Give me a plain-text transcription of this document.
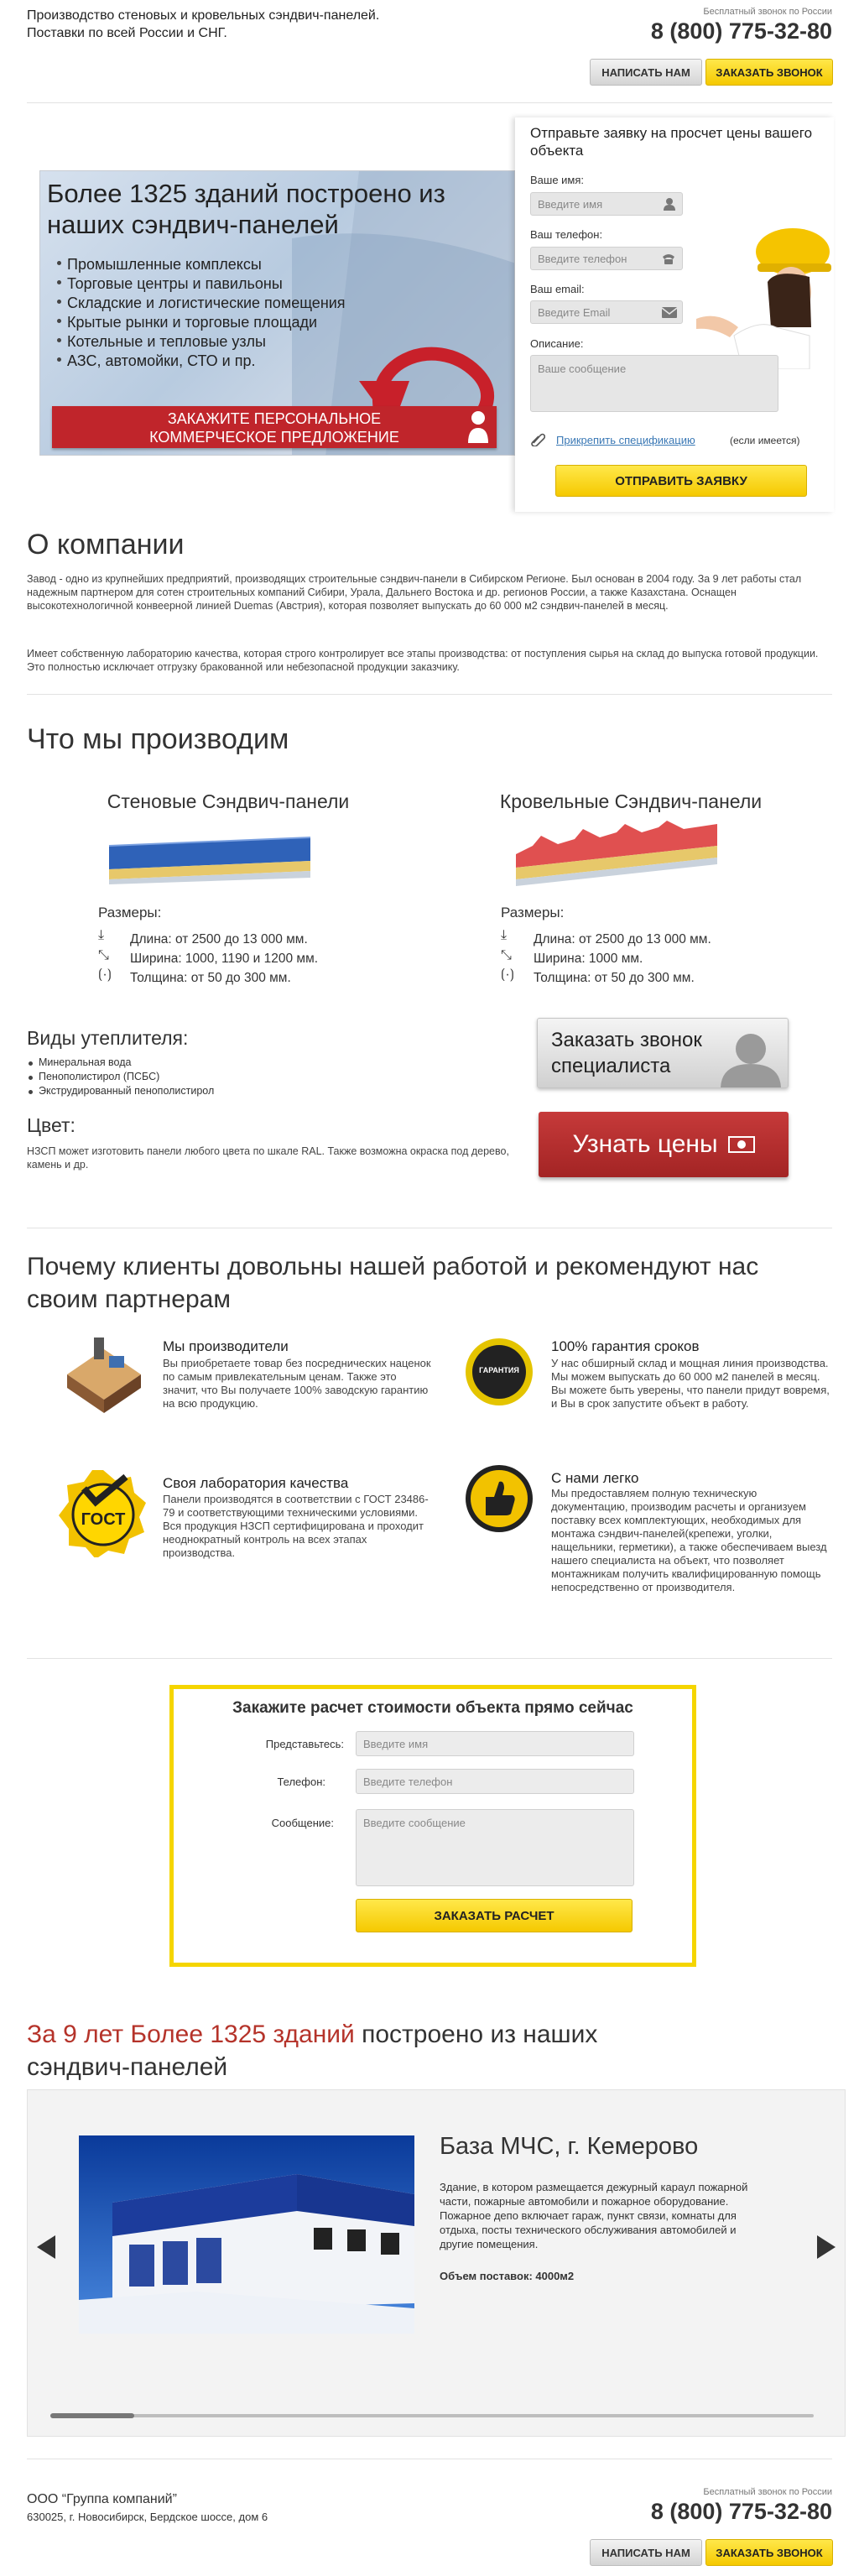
Производство стеновых и кровельных сэндвич-панелей.
Поставки по всей России и СНГ.
Бесплатный звонок по России
8 (800) 775-32-80
НАПИСАТЬ НАМ	ЗАКАЗАТЬ ЗВОНОК
Более 1325 зданий построено из наших сэндвич-панелей
Промышленные комплексы
Торговые центры и павильоны
Складские и логистические помещения
Крытые рынки и торговые площади
Котельные и тепловые узлы
АЗС, автомойки, СТО и пр.
ЗАКАЖИТЕ ПЕРСОНАЛЬНОЕ
КОММЕРЧЕСКОЕ ПРЕДЛОЖЕНИЕ
Отправьте заявку на просчет цены вашего объекта
Ваше имя:
Введите имя
Ваш телефон:
Введите телефон
Ваш email:
Введите Email
Описание:
Ваше сообщение
Прикрепить спецификацию	(если имеется)
ОТПРАВИТЬ ЗАЯВКУ
О компании
Завод - одно из крупнейших предприятий, производящих строительные сэндвич-панели в Сибирском Регионе. Был основан в 2004 году. За 9 лет работы стал надежным партнером для сотен строительных компаний Сибири, Урала, Дальнего Востока и др. регионов России, а также Казахстана. Оснащен высокотехнологичной конвеерной линией Duemas (Австрия), которая позволяет выпускать до 60 000 м2 сэндвич-панелей в месяц.
Имеет собственную лабораторию качества, которая строго контролирует все этапы производства: от поступления сырья на склад до выпуска готовой продукции. Это полностью исключает отгрузку бракованной или небезопасной продукции заказчику.
Что мы производим
Стеновые Сэндвич-панели
Размеры:
⤓ Длина: от 2500 до 13 000 мм.
⤡ Ширина: 1000, 1190 и 1200 мм.
⟮·⟯ Толщина: от 50 до 300 мм.
Кровельные Сэндвич-панели
Размеры:
⤓ Длина: от 2500 до 13 000 мм.
⤡ Ширина: 1000 мм.
⟮·⟯ Толщина: от 50 до 300 мм.
Виды утеплителя:
Минеральная вода
Пенополистирол (ПСБС)
Экструдированный пенополистирол
Цвет:
НЗСП может изготовить панели любого цвета по шкале RAL. Также возможна окраска под дерево, камень и др.
Заказать звонок специалиста
Узнать цены
Почему клиенты довольны нашей работой и рекомендуют нас своим партнерам
Мы производители
Вы приобретаете товар без посреднических наценок по самым привлекательным ценам. Также это значит, что Вы получаете 100% заводскую гарантию на всю продукцию.
ГАРАНТИЯ
100% гарантия сроков
У нас обширный склад и мощная линия производства. Мы можем выпускать до 60 000 м2 панелей в месяц. Вы можете быть уверены, что панели придут вовремя, и Вы в срок запустите объект в работу.
ГОСТ
Своя лаборатория качества
Панели производятся в соответствии с ГОСТ 23486-79 и соответствующими техническими условиями. Вся продукция НЗСП сертифицирована и проходит неоднократный контроль на всех этапах производства.
С нами легко
Мы предоставляем полную техническую документацию, производим расчеты и организуем поставку всех комплектующих, необходимых для монтажа сэндвич-панелей(крепежи, уголки, нащельники, герметики), а также обеспечиваем выезд нашего специалиста на объект, что позволяет монтажникам получить квалифицированную помощь непосредственно от производителя.
Закажите расчет стоимости объекта прямо сейчас
Представьтесь: Введите имя
Телефон:	Введите телефон
Сообщение:	Введите сообщение
ЗАКАЗАТЬ РАСЧЕТ
За 9 лет Более 1325 зданий построено из наших сэндвич-панелей
База МЧС, г. Кемерово
Здание, в котором размещается дежурный караул пожарной части, пожарные автомобили и пожарное оборудование. Пожарное депо включает гараж, пункт связи, комнаты для отдыха, посты технического обслуживания автомобилей и другие помещения.
Объем поставок: 4000м2
ООО “Группа компаний”
630025, г. Новосибирск, Бердское шоссе, дом 6
Бесплатный звонок по России
8 (800) 775-32-80
НАПИСАТЬ НАМ	ЗАКАЗАТЬ ЗВОНОК
